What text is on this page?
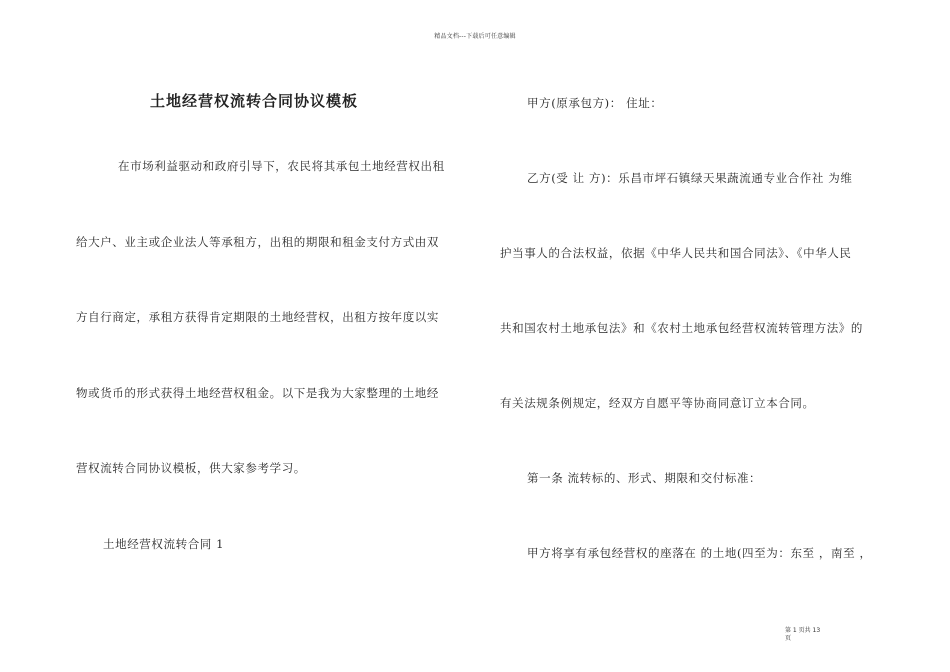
精品文档---下载后可任意编辑
土地经营权流转合同协议模板
在市场利益驱动和政府引导下，农民将其承包土地经营权出租
给大户、业主或企业法人等承租方，出租的期限和租金支付方式由双
方自行商定，承租方获得肯定期限的土地经营权，出租方按年度以实
物或货币的形式获得土地经营权租金。以下是我为大家整理的土地经
营权流转合同协议模板，供大家参考学习。
土地经营权流转合同 1
甲方(原承包方)： 住址：
乙方(受 让 方)：乐昌市坪石镇绿天果蔬流通专业合作社 为维
护当事人的合法权益，依据《中华人民共和国合同法》、《中华人民
共和国农村土地承包法》和《农村土地承包经营权流转管理方法》的
有关法规条例规定，经双方自愿平等协商同意订立本合同。
第一条 流转标的、形式、期限和交付标准：
甲方将享有承包经营权的座落在 的土地(四至为：东至 ，南至 ，
第 1 页共 13
页
